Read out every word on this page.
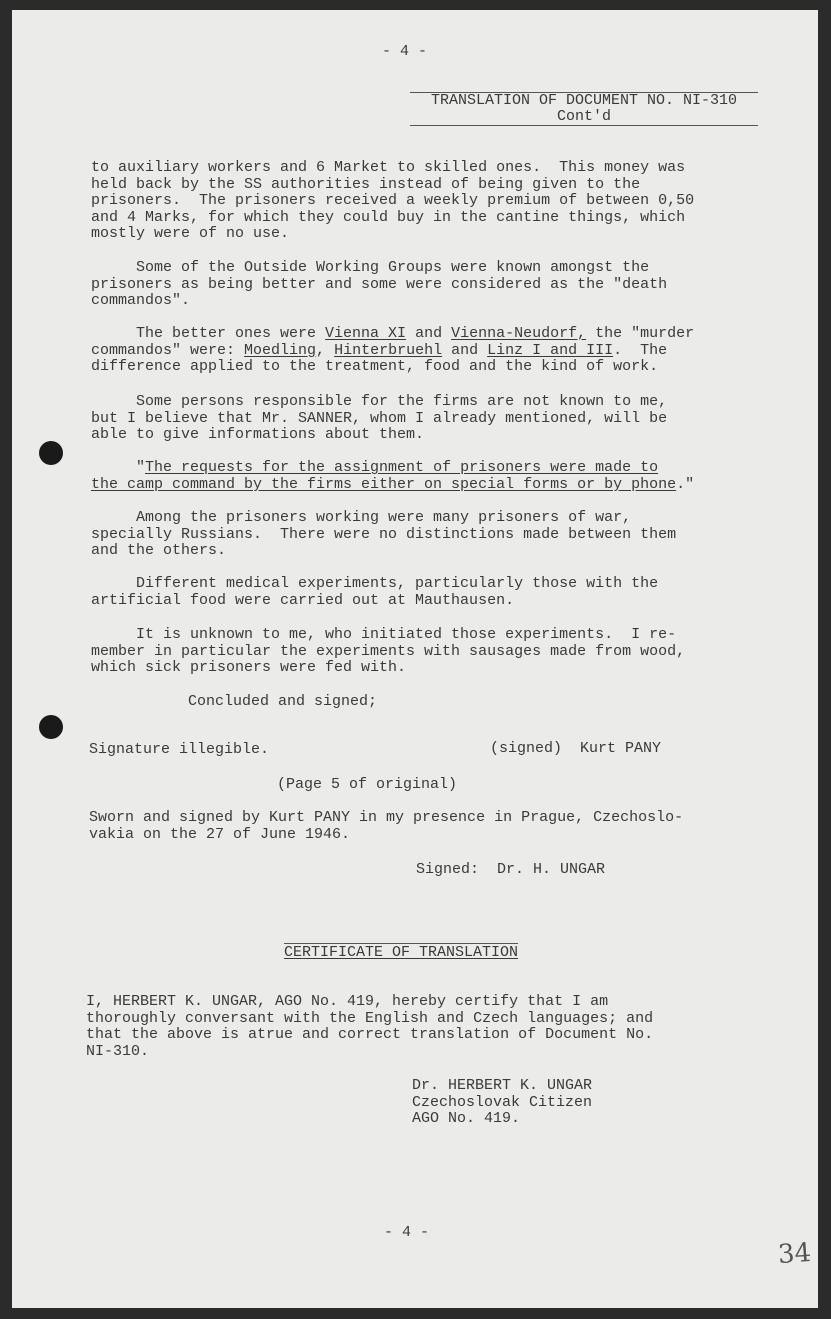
- 4 -
TRANSLATION OF DOCUMENT NO. NI-310
Cont'd
to auxiliary workers and 6 Market to skilled ones.  This money was
held back by the SS authorities instead of being given to the
prisoners.  The prisoners received a weekly premium of between 0,50
and 4 Marks, for which they could buy in the cantine things, which
mostly were of no use.
Some of the Outside Working Groups were known amongst the
prisoners as being better and some were considered as the "death
commandos".
The better ones were Vienna XI and Vienna-Neudorf, the "murder
commandos" were: Moedling, Hinterbruehl and Linz I and III.  The
difference applied to the treatment, food and the kind of work.
Some persons responsible for the firms are not known to me,
but I believe that Mr. SANNER, whom I already mentioned, will be
able to give informations about them.
"The requests for the assignment of prisoners were made to
the camp command by the firms either on special forms or by phone."
Among the prisoners working were many prisoners of war,
specially Russians.  There were no distinctions made between them
and the others.
Different medical experiments, particularly those with the
artificial food were carried out at Mauthausen.
It is unknown to me, who initiated those experiments.  I re-
member in particular the experiments with sausages made from wood,
which sick prisoners were fed with.
Concluded and signed;
Signature illegible.	(signed)  Kurt PANY
(Page 5 of original)
Sworn and signed by Kurt PANY in my presence in Prague, Czechoslo-
vakia on the 27 of June 1946.
Signed:  Dr. H. UNGAR
CERTIFICATE OF TRANSLATION
I, HERBERT K. UNGAR, AGO No. 419, hereby certify that I am
thoroughly conversant with the English and Czech languages; and
that the above is atrue and correct translation of Document No.
NI-310.
Dr. HERBERT K. UNGAR
Czechoslovak Citizen
AGO No. 419.
- 4 -
34
